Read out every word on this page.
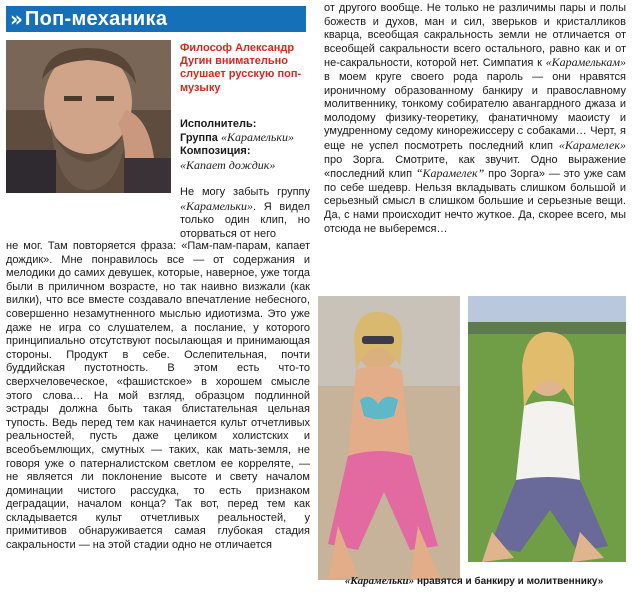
» Поп-механика
Философ Александр Дугин внимательно слушает русскую поп-музыку
Исполнитель:
Группа «Карамельки»
Композиция:
«Капает дождик»
Не могу забыть группу «Карамельки». Я видел только один клип, но оторваться от него
не мог. Там повторяется фраза: «Пам-пам-парам, капает дождик». Мне понравилось все — от содержания и мелодики до самих девушек, которые, наверное, уже тогда были в приличном возрасте, но так наивно визжали (как вилки), что все вместе создавало впечатление небесного, совершенно незамутненного мыслью идиотизма. Это уже даже не игра со слушателем, а послание, у которого принципиально отсутствуют посылающая и принимающая стороны. Продукт в себе. Ослепительная, почти буддийская пустотность. В этом есть что-то сверхчеловеческое, «фашистское» в хорошем смысле этого слова… На мой взгляд, образцом подлинной эстрады должна быть такая блистательная цельная тупость. Ведь перед тем как начинается культ отчетливых реальностей, пусть даже целиком холистских и всеобъемлющих, смутных — таких, как мать-земля, не говоря уже о патерналистском светлом ее корреляте, — не является ли поклонение высоте и свету началом доминации чистого рассудка, то есть признаком деградации, началом конца? Так вот, перед тем как складывается культ отчетливых реальностей, у примитивов обнаруживается самая глубокая стадия сакральности — на этой стадии одно не отличается
от другого вообще. Не только не различимы пары и полы божеств и духов, ман и сил, зверьков и кристалликов кварца, всеобщая сакральность земли не отличается от всеобщей сакральности всего остального, равно как и от не-сакральности, которой нет. Симпатия к «Карамелькам» в моем круге своего рода пароль — они нравятся ироничному образованному банкиру и православному молитвеннику, тонкому собирателю авангардного джаза и молодому физику-теоретику, фанатичному маоисту и умудренному седому кинорежиссеру с собаками… Черт, я еще не успел посмотреть последний клип «Карамелек» про Зорга. Смотрите, как звучит. Одно выражение «последний клип “Карамелек” про Зорга» — это уже сам по себе шедевр. Нельзя вкладывать слишком большой и серьезный смысл в слишком большие и серьезные вещи. Да, с нами происходит нечто жуткое. Да, скорее всего, мы отсюда не выберемся…
«Карамельки» нравятся и банкиру и молитвеннику»
